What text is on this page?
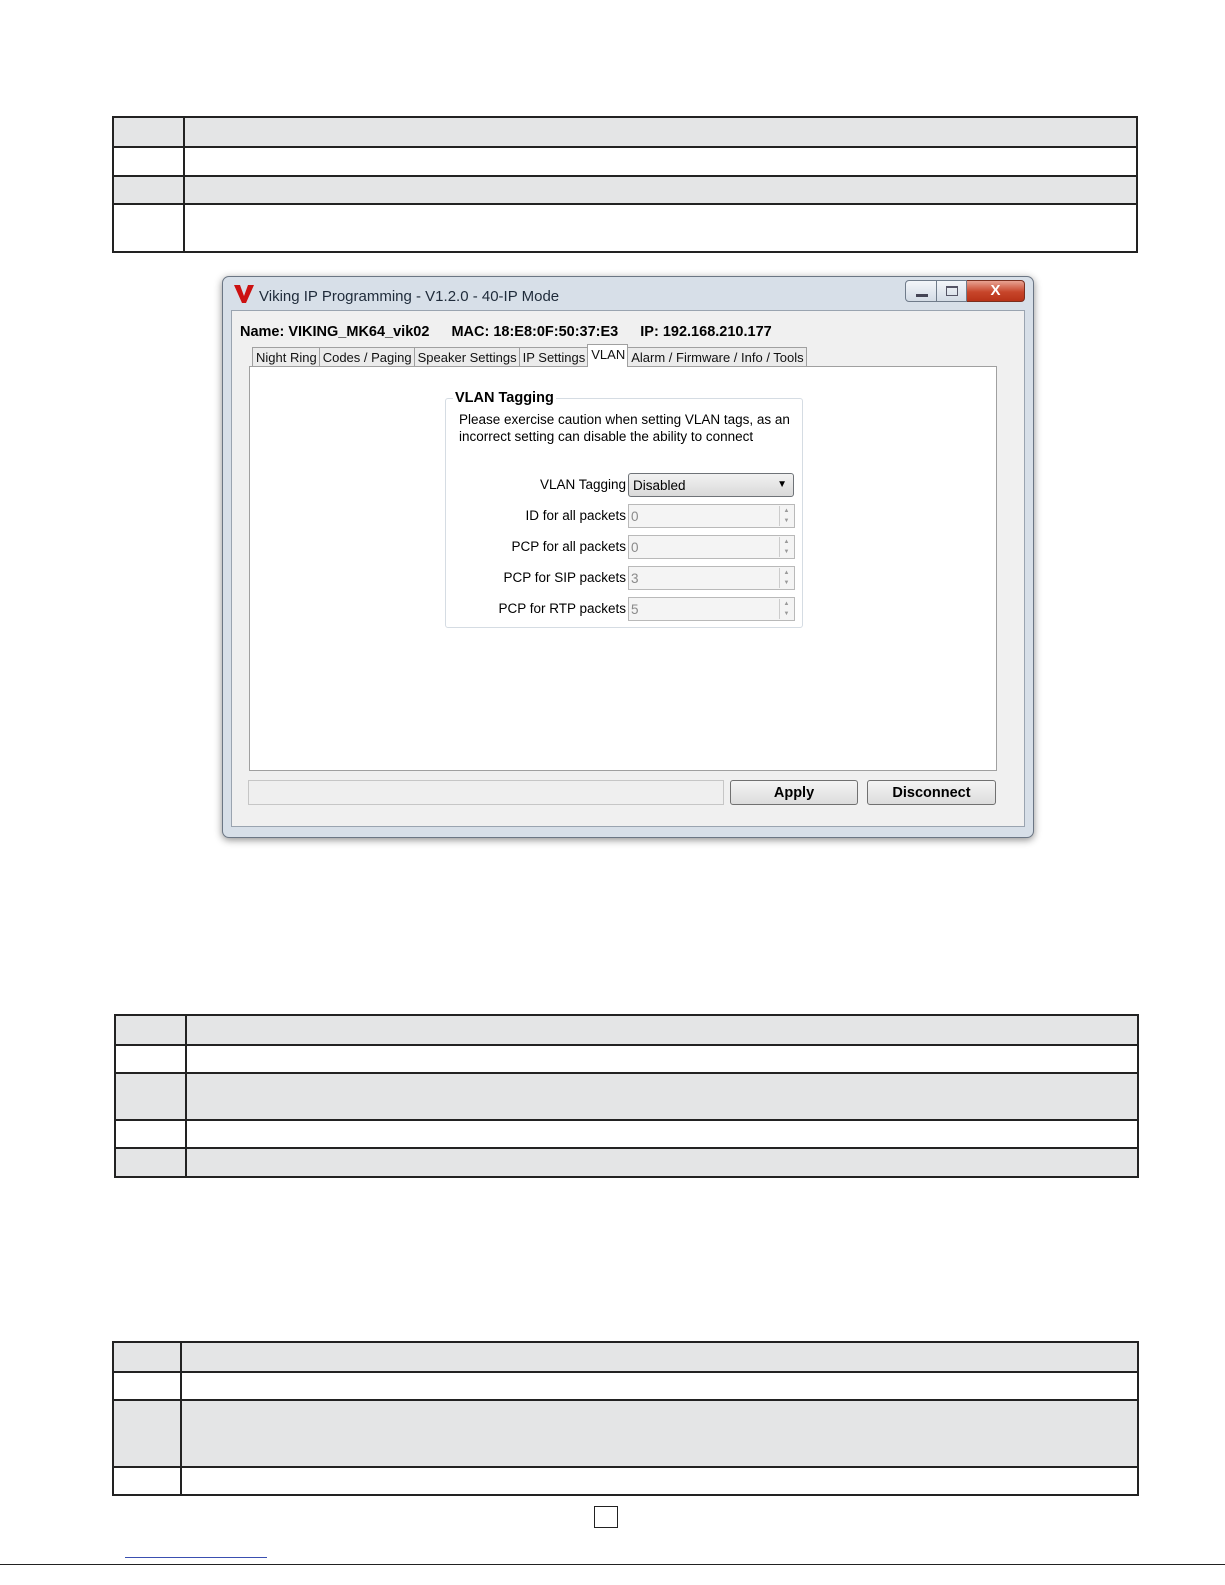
Viking IP Programming - V1.2.0 - 40-IP Mode	X
Name: VIKING_MK64_vik02 MAC: 18:E8:0F:50:37:E3 IP: 192.168.210.177
Night Ring Codes / Paging Speaker Settings IP Settings VLAN Alarm / Firmware / Info / Tools
VLAN Tagging
Please exercise caution when setting VLAN tags, as an incorrect setting can disable the ability to connect
VLAN Tagging Disabled	▼
ID for all packets 0	▲
▼
PCP for all packets 0	▲
▼
PCP for SIP packets 3	▲
▼
PCP for RTP packets 5	▲
▼
Apply	Disconnect
